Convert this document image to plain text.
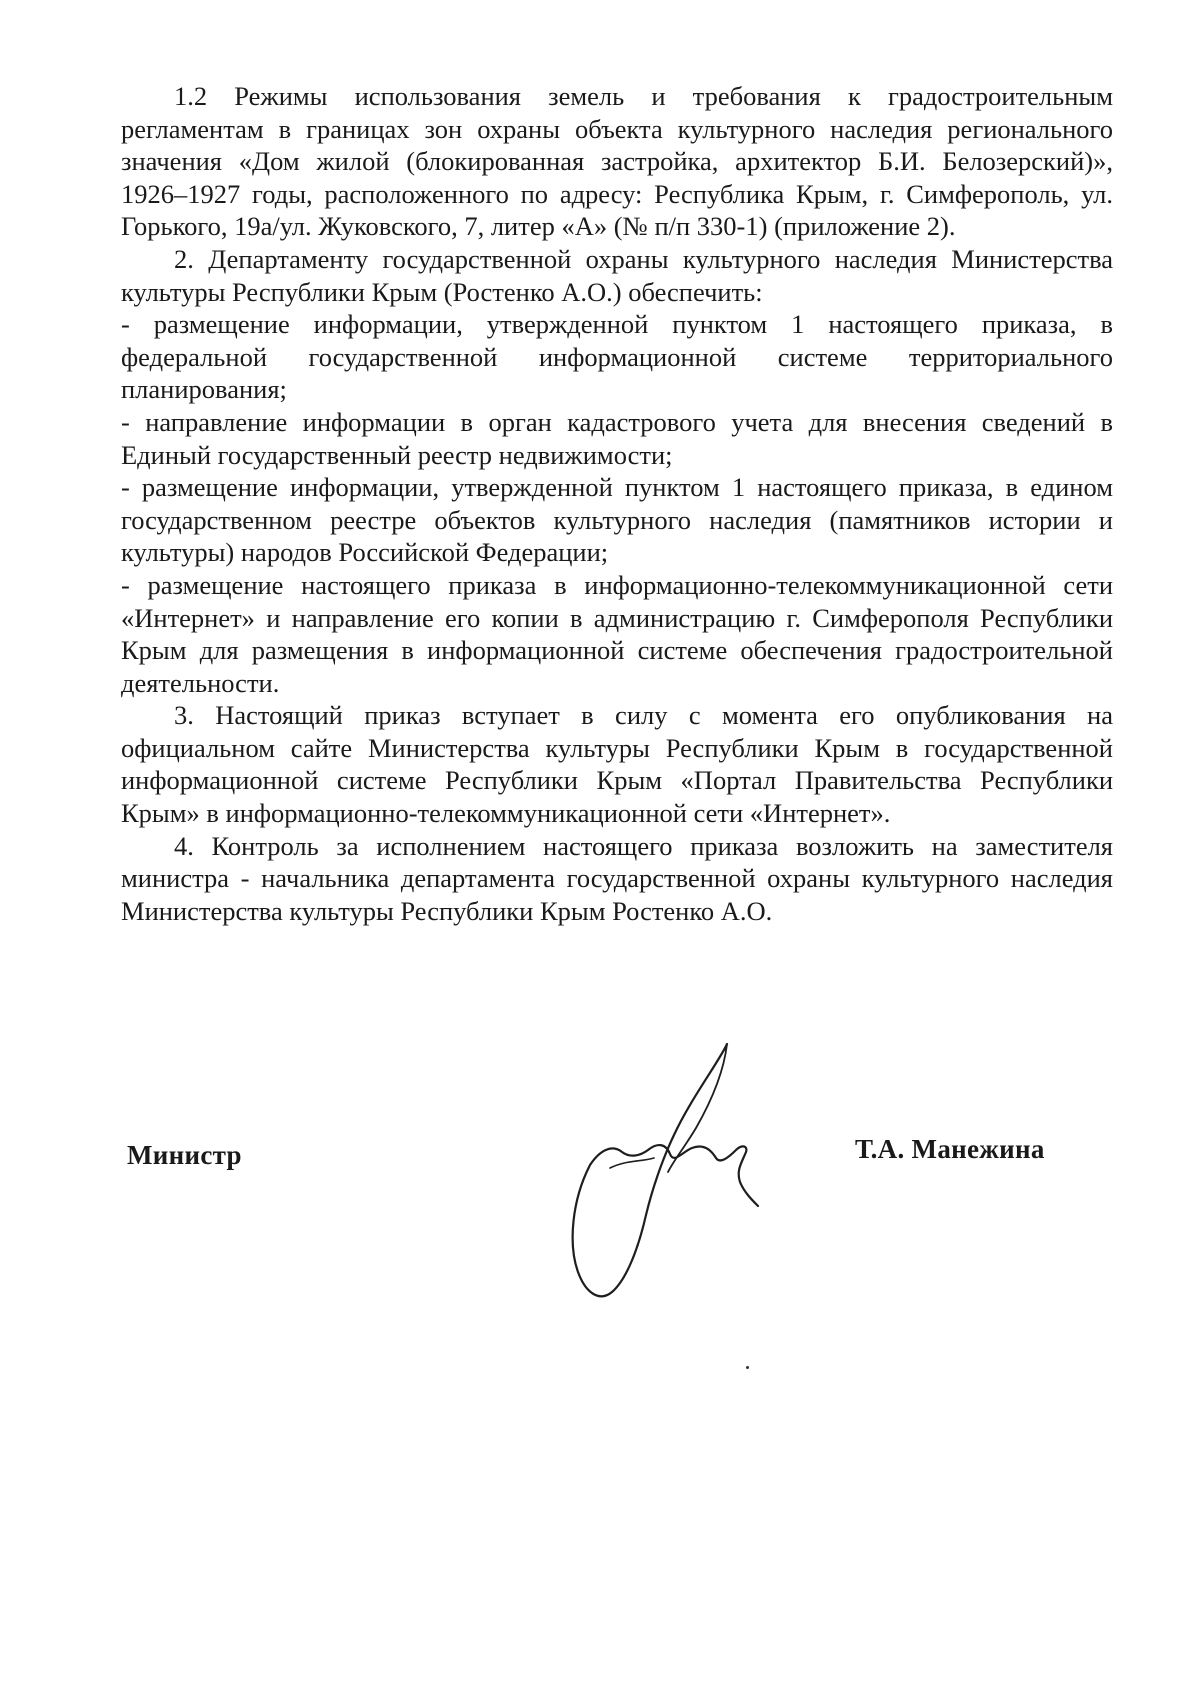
1.2 Режимы использования земель и требования к градостроительным регламентам в границах зон охраны объекта культурного наследия регионального значения «Дом жилой (блокированная застройка, архитектор Б.И. Белозерский)», 1926–1927 годы, расположенного по адресу: Республика Крым, г. Симферополь, ул. Горького, 19а/ул. Жуковского, 7, литер «А» (№ п/п 330-1) (приложение 2).

2. Департаменту государственной охраны культурного наследия Министерства культуры Республики Крым (Ростенко А.О.) обеспечить:

- размещение информации, утвержденной пунктом 1 настоящего приказа, в федеральной государственной информационной системе территориального планирования;

- направление информации в орган кадастрового учета для внесения сведений в Единый государственный реестр недвижимости;

- размещение информации, утвержденной пунктом 1 настоящего приказа, в едином государственном реестре объектов культурного наследия (памятников истории и культуры) народов Российской Федерации;

- размещение настоящего приказа в информационно-телекоммуникационной сети «Интернет» и направление его копии в администрацию г. Симферополя Республики Крым для размещения в информационной системе обеспечения градостроительной деятельности.

3. Настоящий приказ вступает в силу с момента его опубликования на официальном сайте Министерства культуры Республики Крым в государственной информационной системе Республики Крым «Портал Правительства Республики Крым» в информационно-телекоммуникационной сети «Интернет».

4. Контроль за исполнением настоящего приказа возложить на заместителя министра - начальника департамента государственной охраны культурного наследия Министерства культуры Республики Крым Ростенко А.О.

Министр	Т.А. Манежина
